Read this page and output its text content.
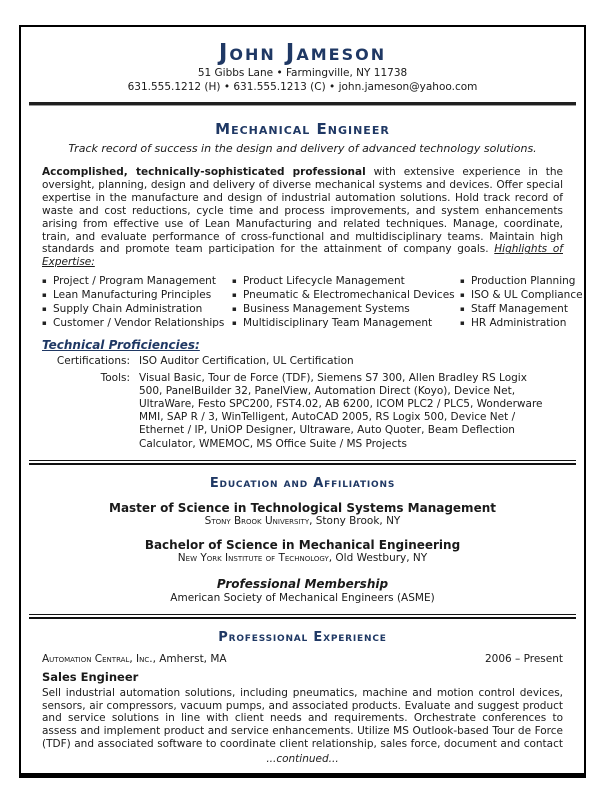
John Jameson
51 Gibbs Lane • Farmingville, NY 11738
631.555.1212 (H) • 631.555.1213 (C) • john.jameson@yahoo.com
Mechanical Engineer
Track record of success in the design and delivery of advanced technology solutions.

Accomplished, technically-sophisticated professional with extensive experience in the oversight, planning, design and delivery of diverse mechanical systems and devices. Offer special expertise in the manufacture and design of industrial automation solutions. Hold track record of waste and cost reductions, cycle time and process improvements, and system enhancements arising from effective use of Lean Manufacturing and related techniques. Manage, coordinate, train, and evaluate performance of cross-functional and multidisciplinary teams. Maintain high standards and promote team participation for the attainment of company goals. Highlights of Expertise:

▪ Project / Program Management
▪ Lean Manufacturing Principles
▪ Supply Chain Administration
▪ Customer / Vendor Relationships
▪ Product Lifecycle Management
▪ Pneumatic & Electromechanical Devices
▪ Business Management Systems
▪ Multidisciplinary Team Management
▪ Production Planning
▪ ISO & UL Compliance
▪ Staff Management
▪ HR Administration
Technical Proficiencies:
Certifications: ISO Auditor Certification, UL Certification
Tools: Visual Basic, Tour de Force (TDF), Siemens S7 300, Allen Bradley RS Logix 500, PanelBuilder 32, PanelView, Automation Direct (Koyo), Device Net, UltraWare, Festo SPC200, FST4.02, AB 6200, ICOM PLC2 / PLC5, Wonderware MMI, SAP R / 3, WinTelligent, AutoCAD 2005, RS Logix 500, Device Net / Ethernet / IP, UniOP Designer, Ultraware, Auto Quoter, Beam Deflection Calculator, WMEMOC, MS Office Suite / MS Projects
Education and Affiliations
Master of Science in Technological Systems Management
Stony Brook University, Stony Brook, NY
Bachelor of Science in Mechanical Engineering
New York Institute of Technology, Old Westbury, NY
Professional Membership
American Society of Mechanical Engineers (ASME)
Professional Experience
Automation Central, Inc., Amherst, MA	2006 – Present
Sales Engineer

Sell industrial automation solutions, including pneumatics, machine and motion control devices, sensors, air compressors, vacuum pumps, and associated products. Evaluate and suggest product and service solutions in line with client needs and requirements. Orchestrate conferences to assess and implement product and service enhancements. Utilize MS Outlook-based Tour de Force (TDF) and associated software to coordinate client relationship, sales force, document and contact

...continued...
